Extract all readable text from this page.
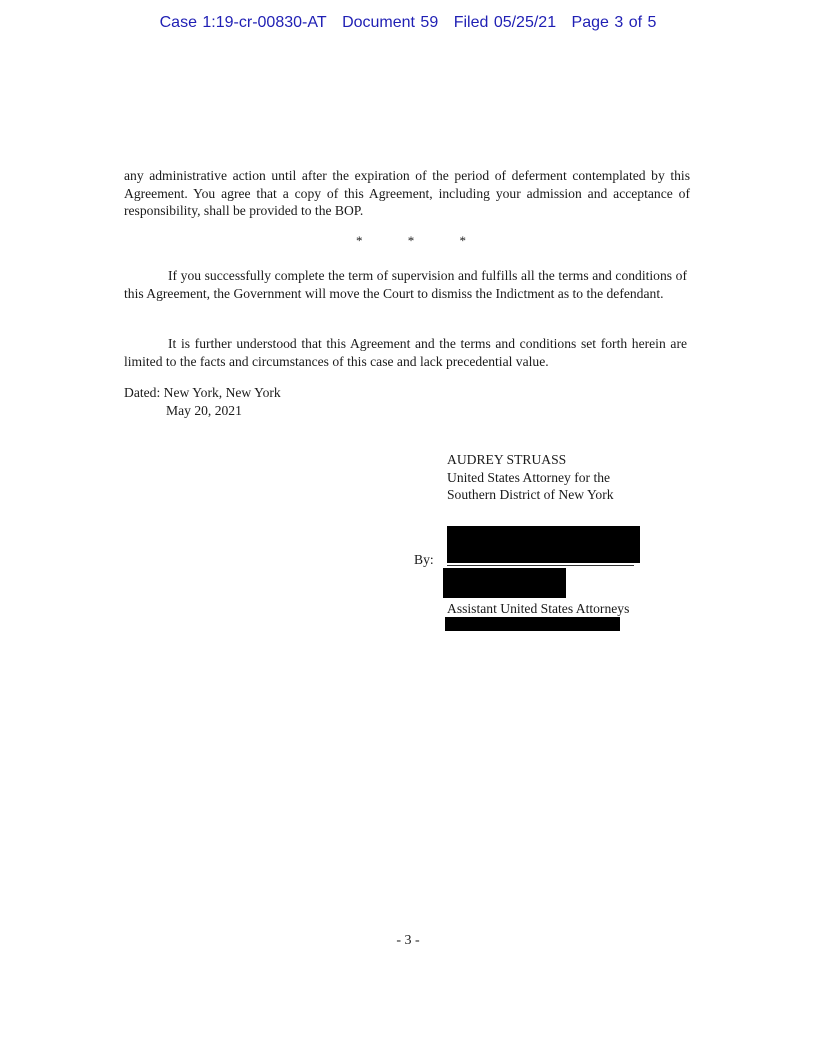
Case 1:19-cr-00830-AT Document 59 Filed 05/25/21 Page 3 of 5
any administrative action until after the expiration of the period of deferment contemplated by this Agreement. You agree that a copy of this Agreement, including your admission and acceptance of responsibility, shall be provided to the BOP.
*	*	*
If you successfully complete the term of supervision and fulfills all the terms and conditions of this Agreement, the Government will move the Court to dismiss the Indictment as to the defendant.
It is further understood that this Agreement and the terms and conditions set forth herein are limited to the facts and circumstances of this case and lack precedential value.
Dated: New York, New York
May 20, 2021
AUDREY STRUASS
United States Attorney for the
Southern District of New York
By:
Assistant United States Attorneys
- 3 -
